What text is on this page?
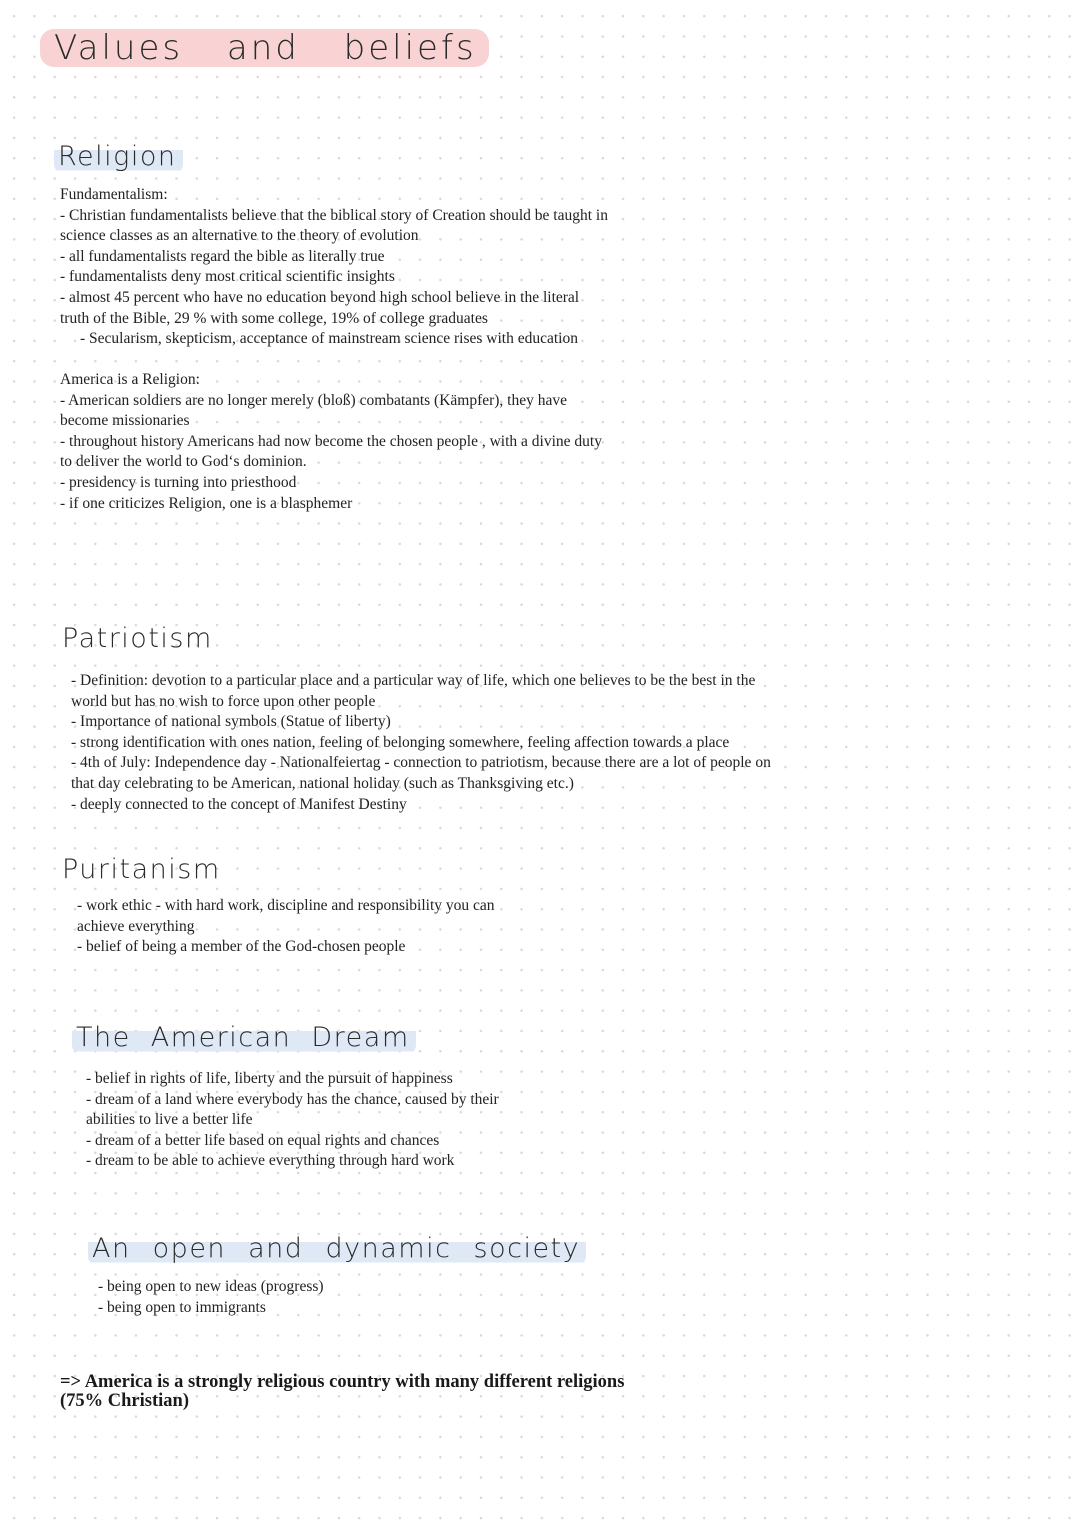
Values and beliefs
Religion

Fundamentalism:

- Christian fundamentalists believe that the biblical story of Creation should be taught in

science classes as an alternative to the theory of evolution

- all fundamentalists regard the bible as literally true

- fundamentalists deny most critical scientific insights

- almost 45 percent who have no education beyond high school believe in the literal

truth of the Bible, 29 % with some college, 19% of college graduates

- Secularism, skepticism, acceptance of mainstream science rises with education

America is a Religion:

- American soldiers are no longer merely (bloß) combatants (Kämpfer), they have

become missionaries

- throughout history Americans had now become the chosen people , with a divine duty

to deliver the world to God‘s dominion.

- presidency is turning into priesthood

- if one criticizes Religion, one is a blasphemer

Patriotism

- Definition: devotion to a particular place and a particular way of life, which one believes to be the best in the

world but has no wish to force upon other people

- Importance of national symbols (Statue of liberty)

- strong identification with ones nation, feeling of belonging somewhere, feeling affection towards a place

- 4th of July: Independence day - Nationalfeiertag - connection to patriotism, because there are a lot of people on

that day celebrating to be American, national holiday (such as Thanksgiving etc.)

- deeply connected to the concept of Manifest Destiny

Puritanism

- work ethic - with hard work, discipline and responsibility you can

achieve everything

- belief of being a member of the God-chosen people

The American Dream

- belief in rights of life, liberty and the pursuit of happiness

- dream of a land where everybody has the chance, caused by their

abilities to live a better life

- dream of a better life based on equal rights and chances

- dream to be able to achieve everything through hard work

An open and dynamic society

- being open to new ideas (progress)

- being open to immigrants

=> America is a strongly religious country with many different religions

(75% Christian)
